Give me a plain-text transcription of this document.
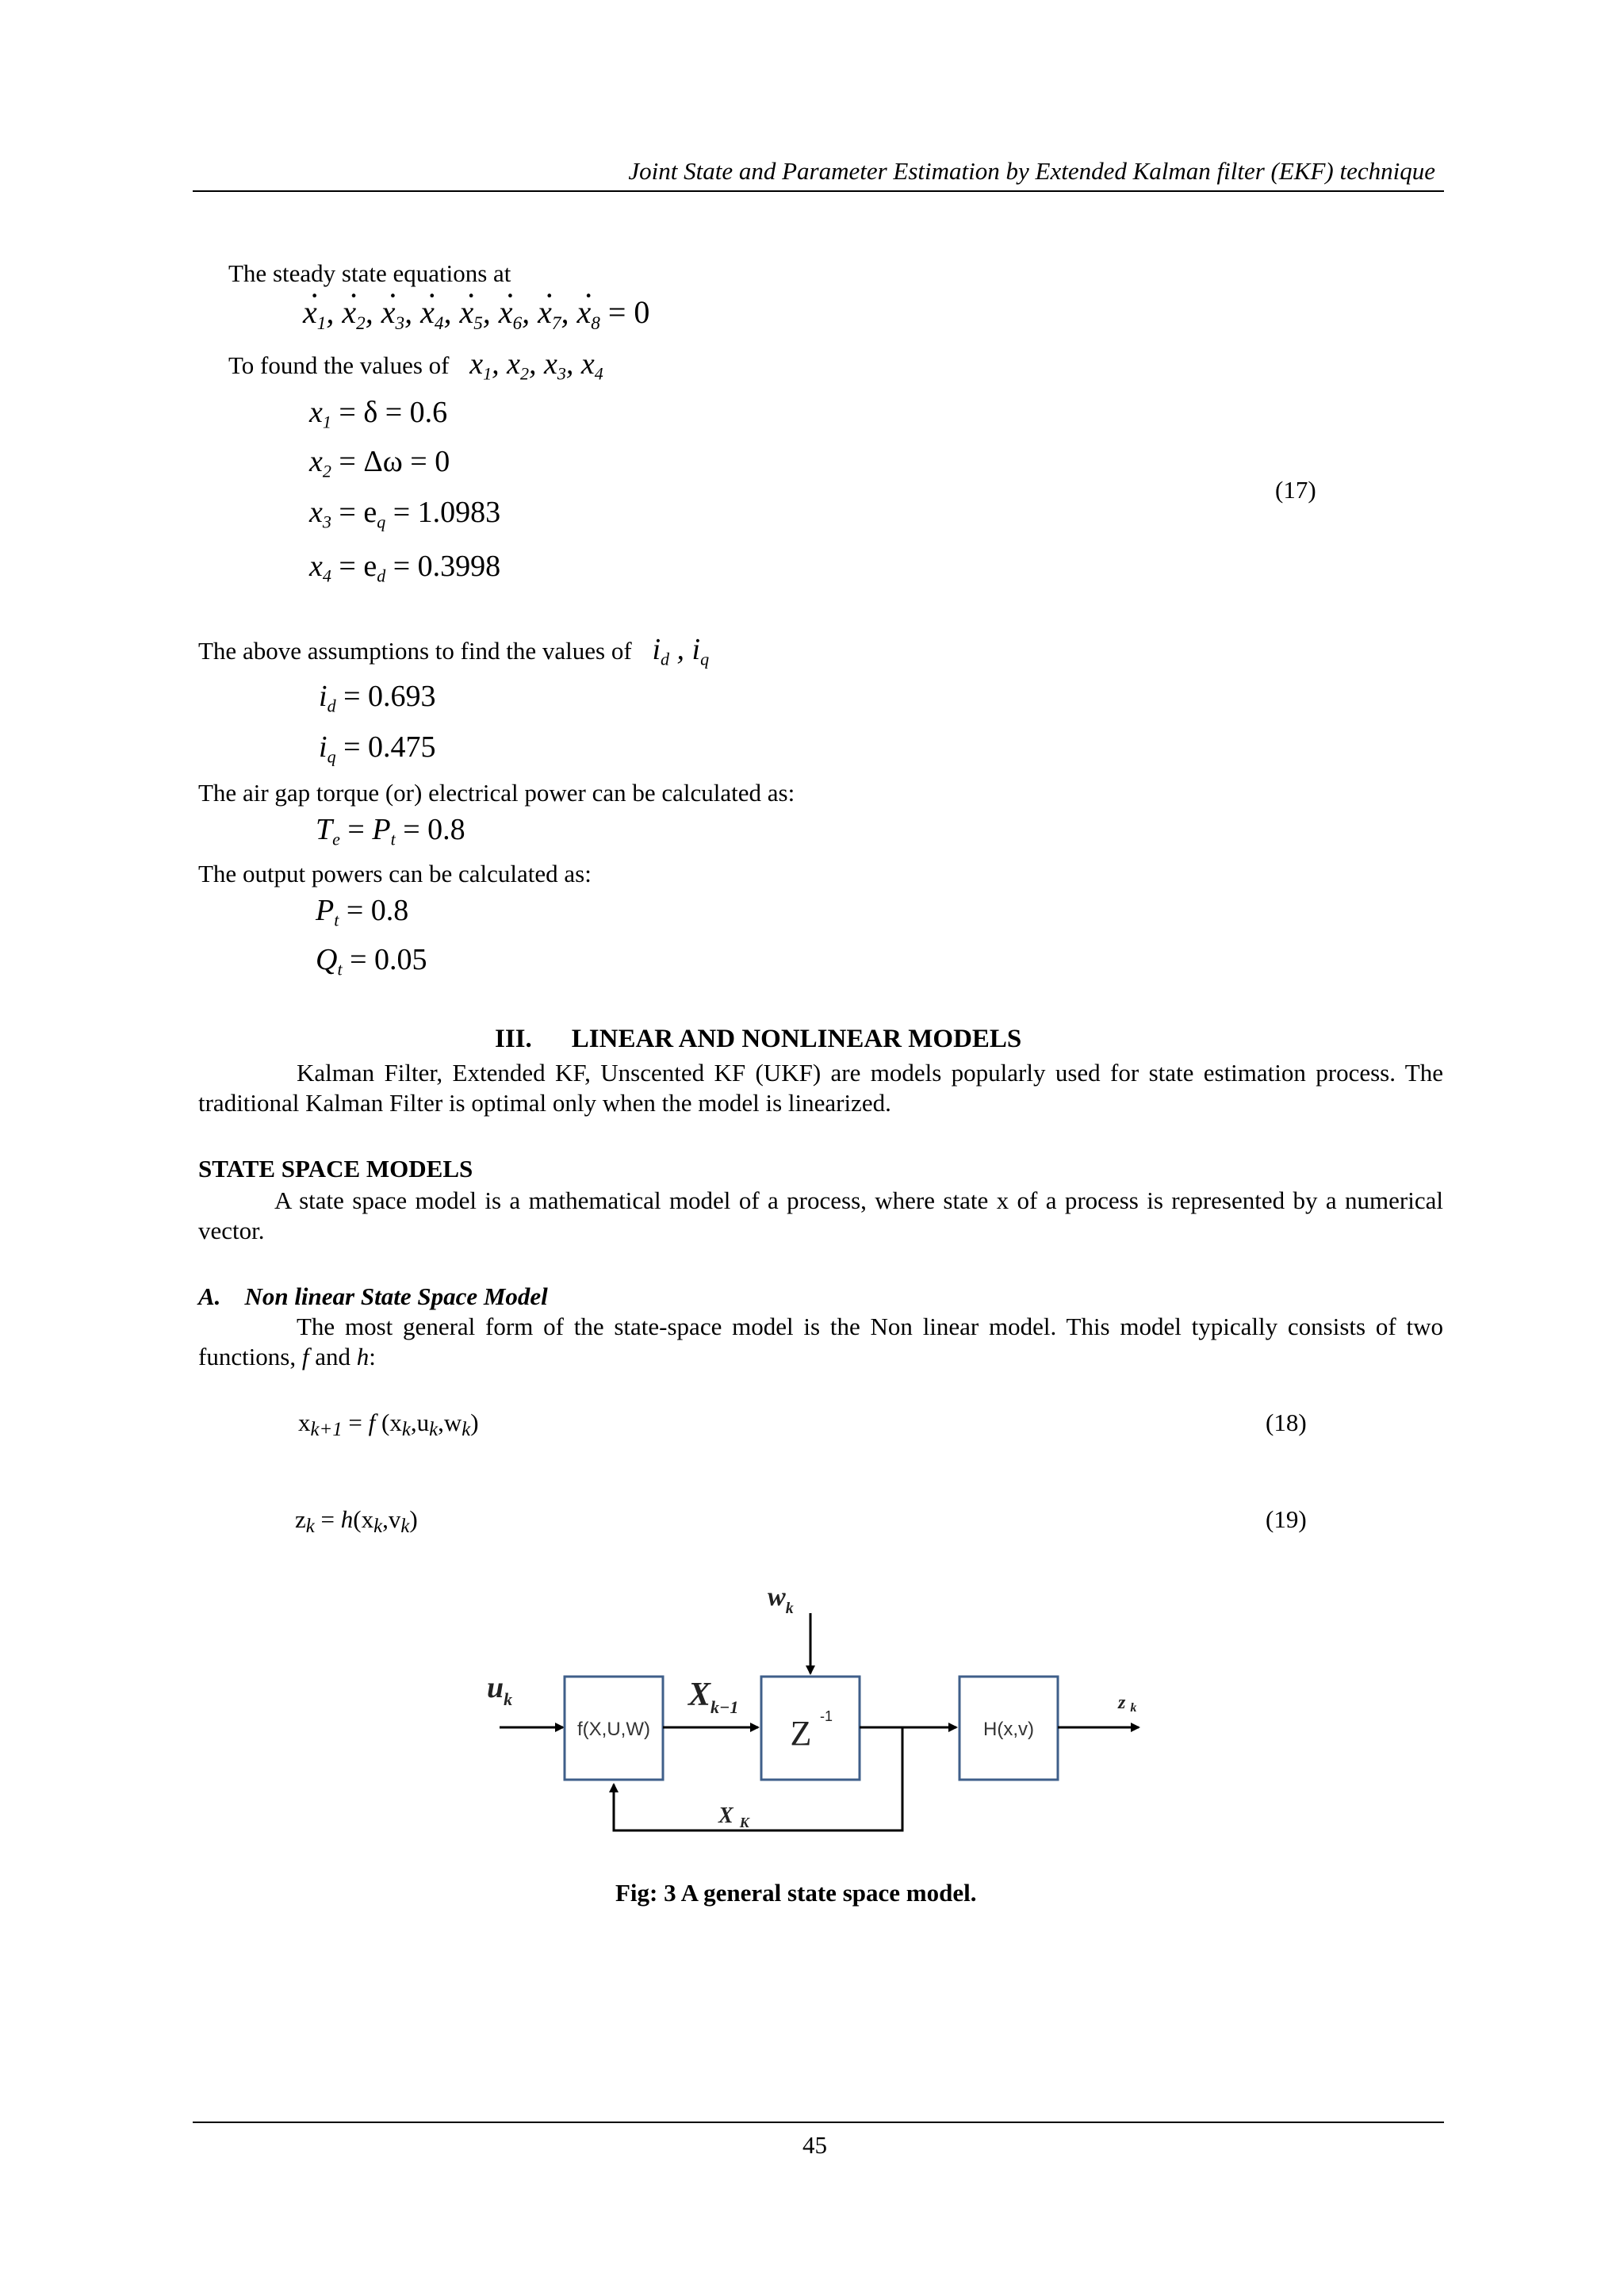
Joint State and Parameter Estimation by Extended Kalman filter (EKF) technique
The steady state equations at
· $x_1$, · $x_2$, · $x_3$, · $x_4$, · $x_5$, · $x_6$, · $x_7$, · $x_8 = 0$
To found the values of $x_1$, $x_2$, $x_3$, $x_4$
$x_1 = \delta = 0.6$
$x_2 = \Delta\omega = 0$
$x_3 = e_q = 1.0983$
$x_4 = e_d = 0.3998$
(17)
The above assumptions to find the values of $i_d$ , $i_q$
$i_d = 0.693$
$i_q = 0.475$
The air gap torque (or) electrical power can be calculated as:
$T_e = P_t = 0.8$
The output powers can be calculated as:
$P_t = 0.8$
$Q_t = 0.05$
III. LINEAR AND NONLINEAR MODELS
Kalman Filter, Extended KF, Unscented KF (UKF) are models popularly used for state estimation process. The traditional Kalman Filter is optimal only when the model is linearized.
STATE SPACE MODELS
A state space model is a mathematical model of a process, where state x of a process is represented by a numerical vector.
A. Non linear State Space Model
The most general form of the state-space model is the Non linear model. This model typically consists of two functions, f and h:
$x_{k+1} = f$ $(x_k,u_k,w_k)$	(18)
$z_k = h(x_k,v_k)$	(19)
f(X,U,W)	Z -1
$w_k$
H(x,v)
zk
X $_K$
$u_k$	$X_{k-1}$
Fig: 3 A general state space model.
45
